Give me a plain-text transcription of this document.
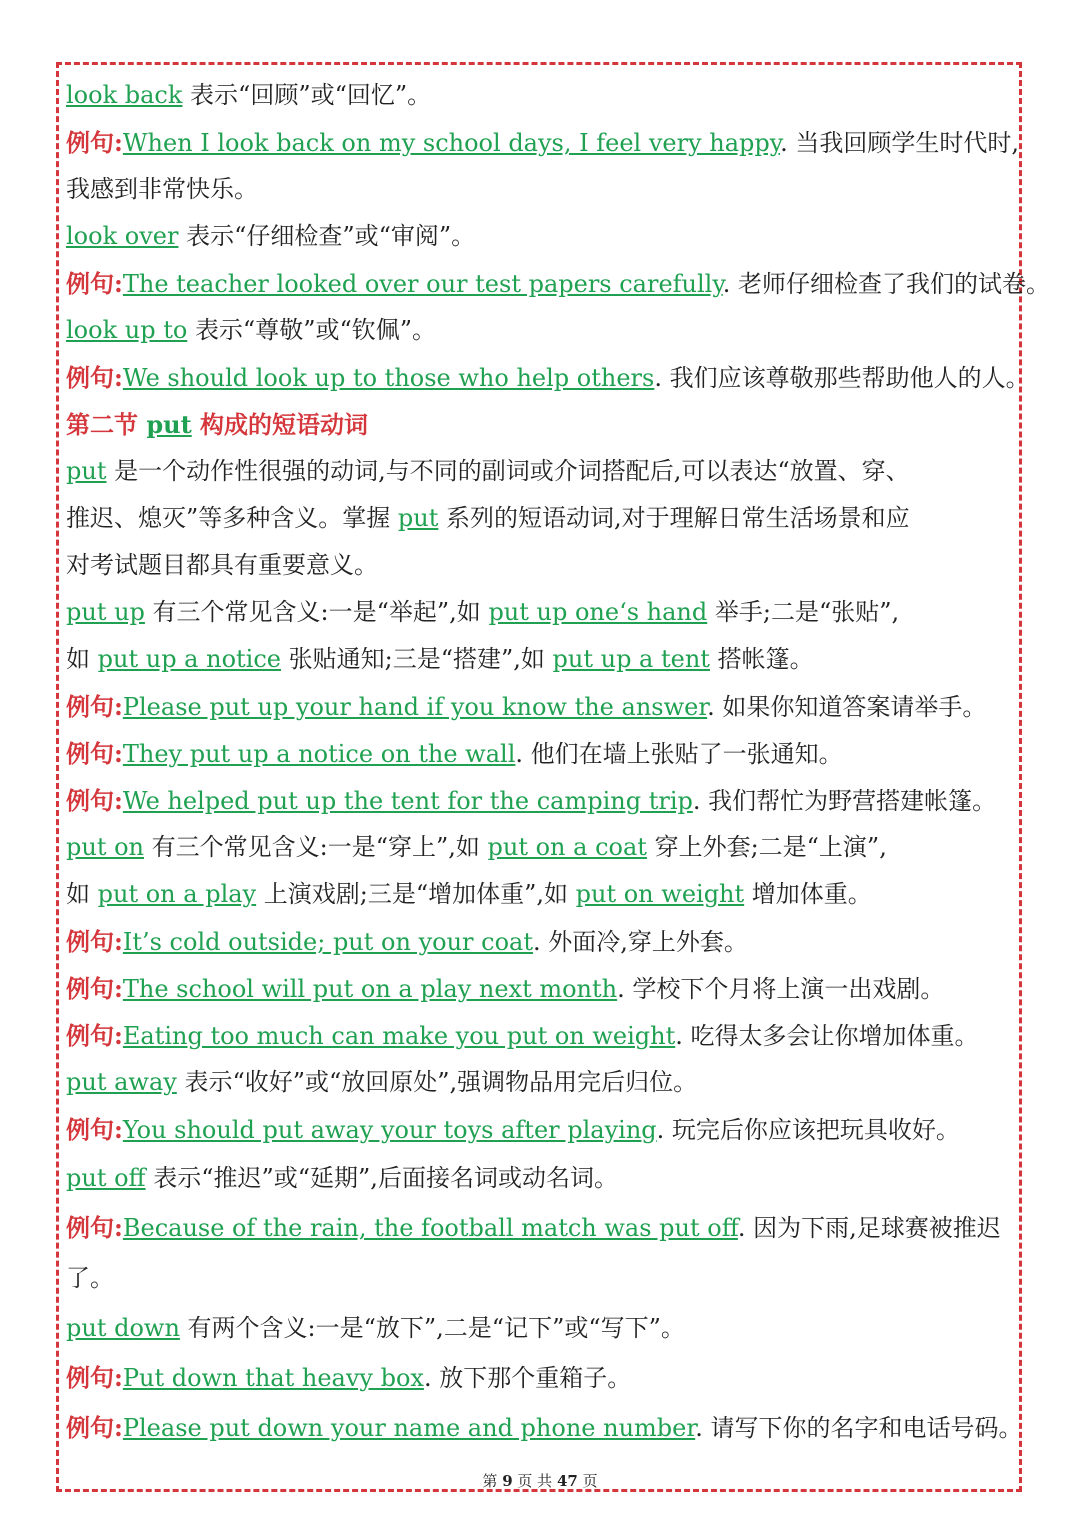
look back 表示“回顾”或“回忆”。
例句:When I look back on my school days, I feel very happy. 当我回顾学生时代时,
我感到非常快乐。
look over 表示“仔细检查”或“审阅”。
例句:The teacher looked over our test papers carefully. 老师仔细检查了我们的试卷。
look up to 表示“尊敬”或“钦佩”。
例句:We should look up to those who help others. 我们应该尊敬那些帮助他人的人。
第二节 put 构成的短语动词
put 是一个动作性很强的动词,与不同的副词或介词搭配后,可以表达“放置、穿、
推迟、熄灭”等多种含义。掌握 put 系列的短语动词,对于理解日常生活场景和应
对考试题目都具有重要意义。
put up 有三个常见含义:一是“举起”,如 put up one‘s hand 举手;二是“张贴”,
如 put up a notice 张贴通知;三是“搭建”,如 put up a tent 搭帐篷。
例句:Please put up your hand if you know the answer. 如果你知道答案请举手。
例句:They put up a notice on the wall. 他们在墙上张贴了一张通知。
例句:We helped put up the tent for the camping trip. 我们帮忙为野营搭建帐篷。
put on 有三个常见含义:一是“穿上”,如 put on a coat 穿上外套;二是“上演”,
如 put on a play 上演戏剧;三是“增加体重”,如 put on weight 增加体重。
例句:It’s cold outside; put on your coat. 外面冷,穿上外套。
例句:The school will put on a play next month. 学校下个月将上演一出戏剧。
例句:Eating too much can make you put on weight. 吃得太多会让你增加体重。
put away 表示“收好”或“放回原处”,强调物品用完后归位。
例句:You should put away your toys after playing. 玩完后你应该把玩具收好。
put off 表示“推迟”或“延期”,后面接名词或动名词。
例句:Because of the rain, the football match was put off. 因为下雨,足球赛被推迟
了。
put down 有两个含义:一是“放下”,二是“记下”或“写下”。
例句:Put down that heavy box. 放下那个重箱子。
例句:Please put down your name and phone number. 请写下你的名字和电话号码。
第 9 页 共 47 页
